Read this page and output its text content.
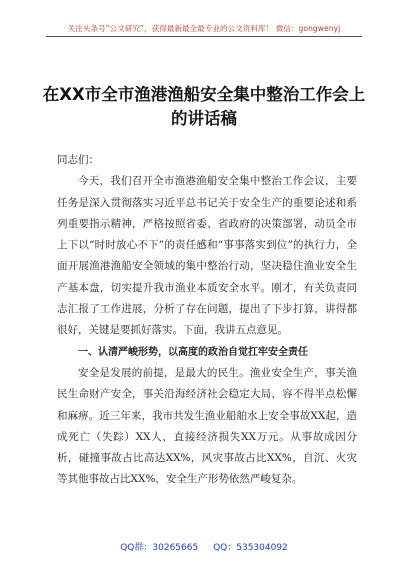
关注头条号“公文研究”，获得最新最全最专业的公文资料库！ 微信：gongwenyj
在XX市全市渔港渔船安全集中整治工作会上的讲话稿

同志们：

今天，我们召开全市渔港渔船安全集中整治工作会议，主要任务是深入贯彻落实习近平总书记关于安全生产的重要论述和系列重要指示精神，严格按照省委、省政府的决策部署，动员全市上下以“时时放心不下”的责任感和“事事落实到位”的执行力，全面开展渔港渔船安全领域的集中整治行动，坚决稳住渔业安全生产基本盘，切实提升我市渔业本质安全水平。刚才，有关负责同志汇报了工作进展，分析了存在问题，提出了下步打算，讲得都很好，关键是要抓好落实。下面，我讲五点意见。

一、认清严峻形势，以高度的政治自觉扛牢安全责任

安全是发展的前提，是最大的民生。渔业安全生产，事关渔民生命财产安全，事关沿海经济社会稳定大局，容不得半点松懈和麻痹。近三年来，我市共发生渔业船舶水上安全事故XX起，造成死亡（失踪）XX人，直接经济损失XX万元。从事故成因分析，碰撞事故占比高达XX%，风灾事故占比XX%，自沉、火灾等其他事故占比XX%，安全生产形势依然严峻复杂。

QQ群：30265665 QQ：535304092
